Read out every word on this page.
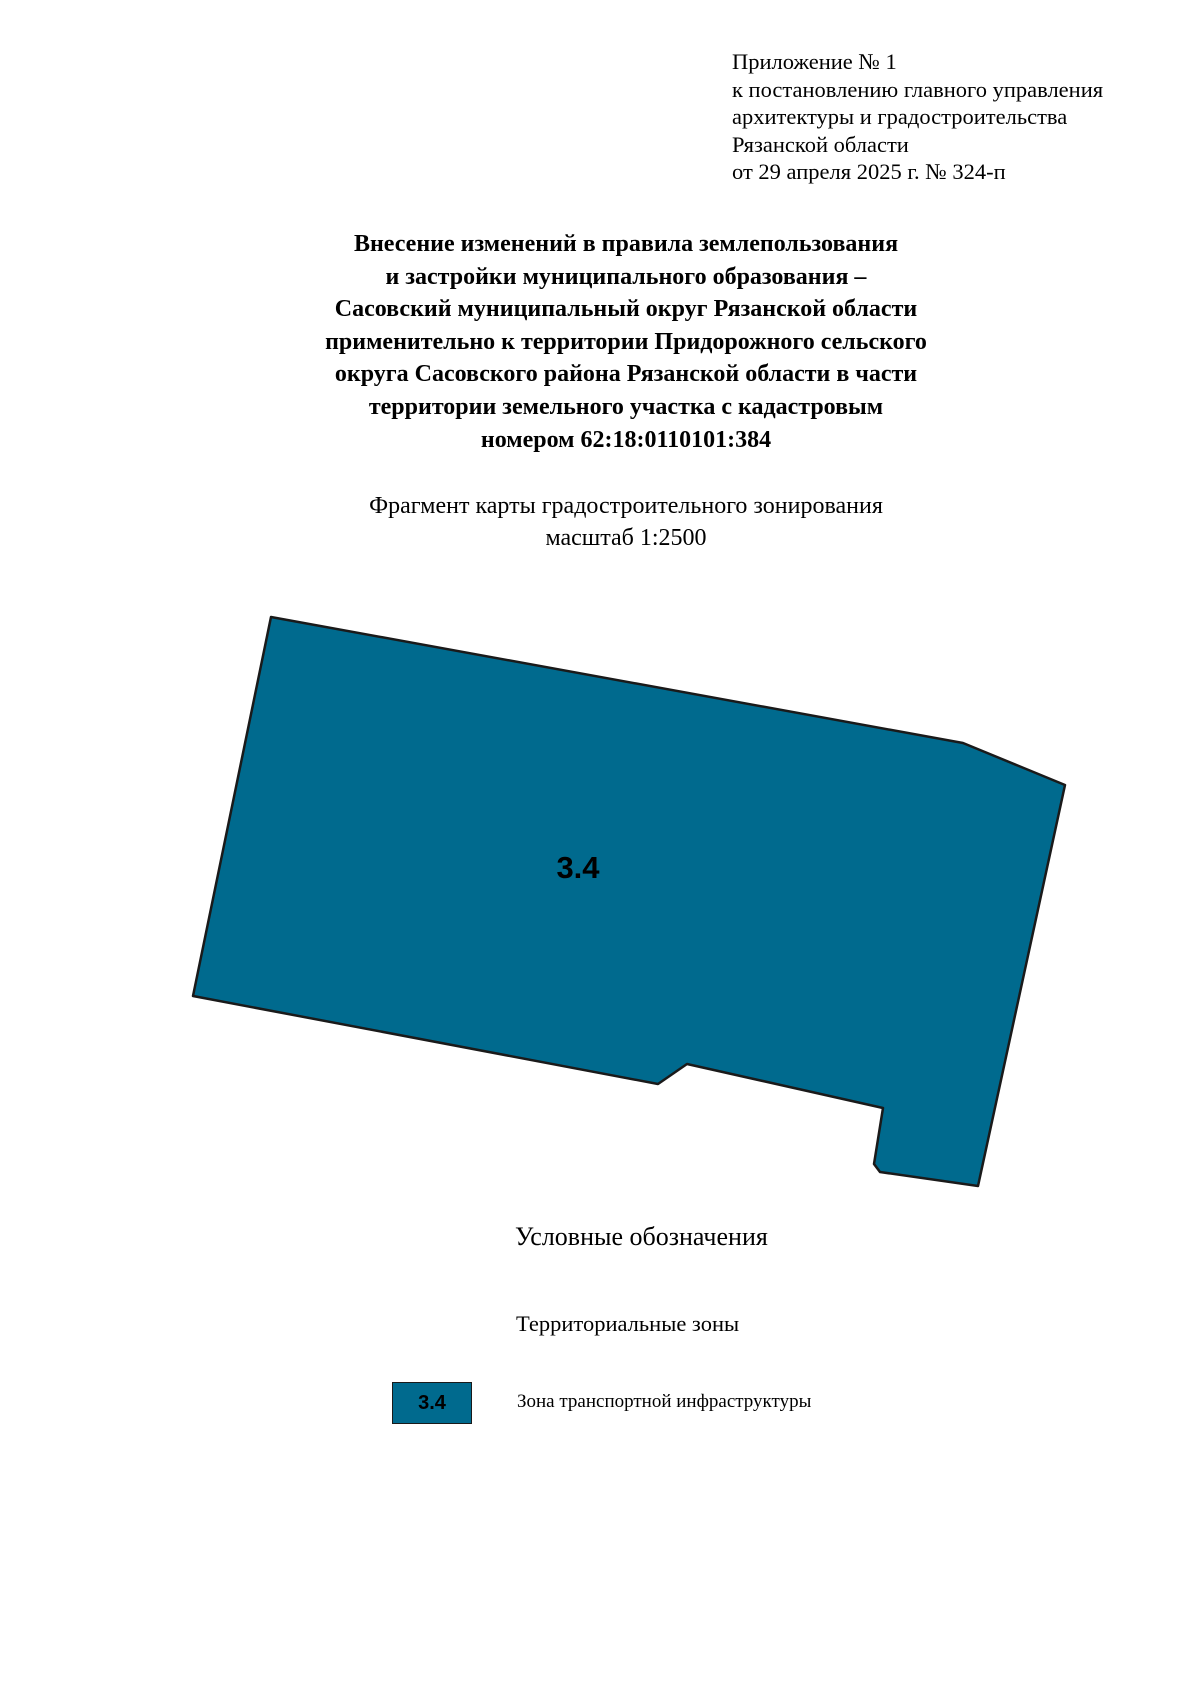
Приложение № 1
к постановлению главного управления
архитектуры и градостроительства
Рязанской области
от 29 апреля 2025 г. № 324-п
Внесение изменений в правила землепользования
и застройки муниципального образования –
Сасовский муниципальный округ Рязанской области
применительно к территории Придорожного сельского
округа Сасовского района Рязанской области в части
территории земельного участка с кадастровым
номером 62:18:0110101:384
Фрагмент карты градостроительного зонирования
масштаб 1:2500
3.4
Условные обозначения
Территориальные зоны
3.4	Зона транспортной инфраструктуры
